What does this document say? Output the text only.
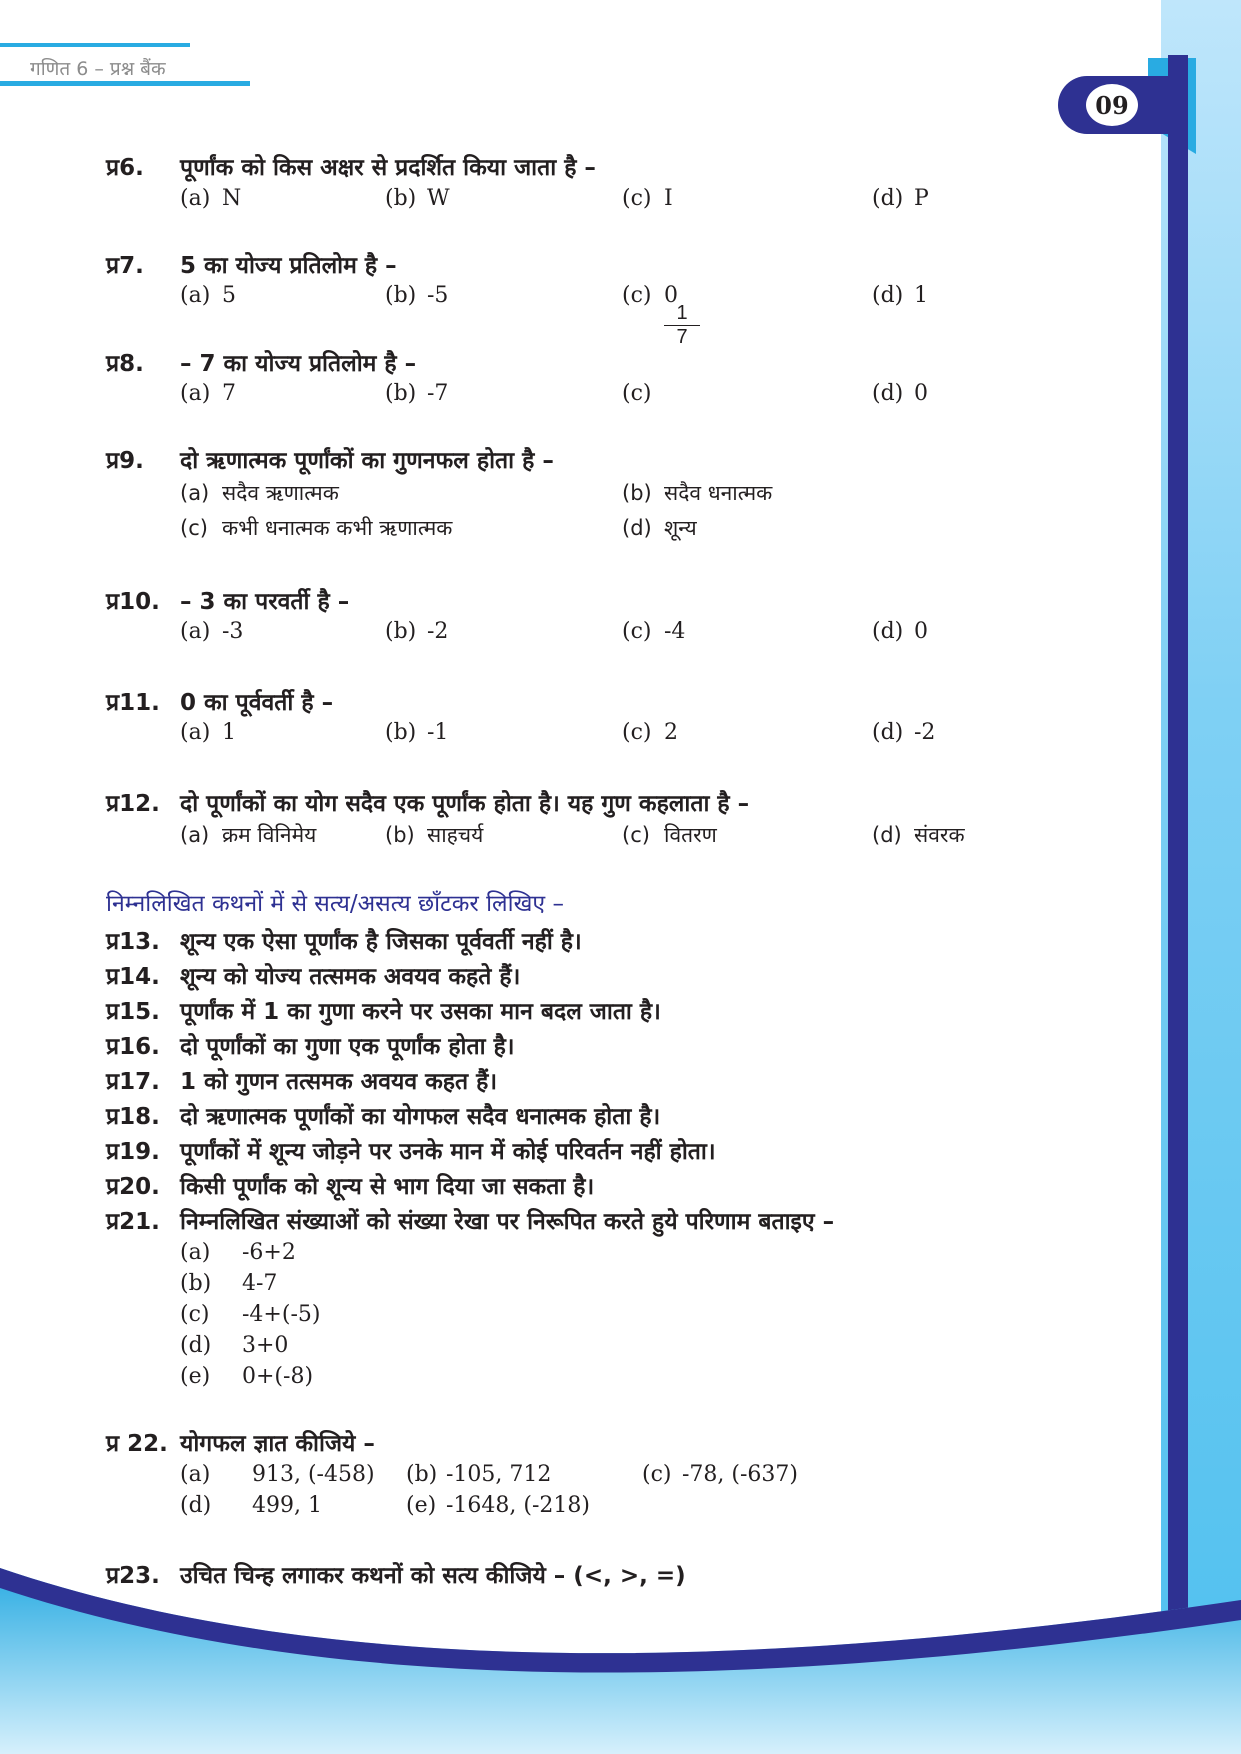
गणित 6 – प्रश्न बैंक
09
प्र6. पूर्णांक को किस अक्षर से प्रदर्शित किया जाता है –
(a) N	(b) W	(c) I	(d) P
प्र7. 5 का योज्य प्रतिलोम है –
(a) 5	(b) -5	(c) 0	(d) 1
$\frac{1}{7}$
प्र8. – 7 का योज्य प्रतिलोम है –
(a) 7	(b) -7	(c)	(d) 0
प्र9. दो ऋणात्मक पूर्णांकों का गुणनफल होता है –
(a) सदैव ऋणात्मक	(b) सदैव धनात्मक
(c) कभी धनात्मक कभी ऋणात्मक	(d) शून्य
प्र10. – 3 का परवर्ती है –
(a) -3	(b) -2	(c) -4	(d) 0
प्र11. 0 का पूर्ववर्ती है –
(a) 1	(b) -1	(c) 2	(d) -2
प्र12. दो पूर्णांकों का योग सदैव एक पूर्णांक होता है। यह गुण कहलाता है –
(a) क्रम विनिमेय	(b) साहचर्य	(c) वितरण	(d) संवरक
निम्नलिखित कथनों में से सत्य/असत्य छाँटकर लिखिए –
प्र13. शून्य एक ऐसा पूर्णांक है जिसका पूर्ववर्ती नहीं है।
प्र14. शून्य को योज्य तत्समक अवयव कहते हैं।
प्र15. पूर्णांक में 1 का गुणा करने पर उसका मान बदल जाता है।
प्र16. दो पूर्णांकों का गुणा एक पूर्णांक होता है।
प्र17. 1 को गुणन तत्समक अवयव कहत हैं।
प्र18. दो ऋणात्मक पूर्णांकों का योगफल सदैव धनात्मक होता है।
प्र19. पूर्णांकों में शून्य जोड़ने पर उनके मान में कोई परिवर्तन नहीं होता।
प्र20. किसी पूर्णांक को शून्य से भाग दिया जा सकता है।
प्र21. निम्नलिखित संख्याओं को संख्या रेखा पर निरूपित करते हुये परिणाम बताइए –
(a) -6+2
(b) 4-7
(c) -4+(-5)
(d) 3+0
(e) 0+(-8)
प्र 22. योगफल ज्ञात कीजिये –
(a) 913, (-458) (b) -105, 712	(c) -78, (-637)
(d) 499, 1	(e) -1648, (-218)
प्र23. उचित चिन्ह लगाकर कथनों को सत्य कीजिये – (<, >, =)
